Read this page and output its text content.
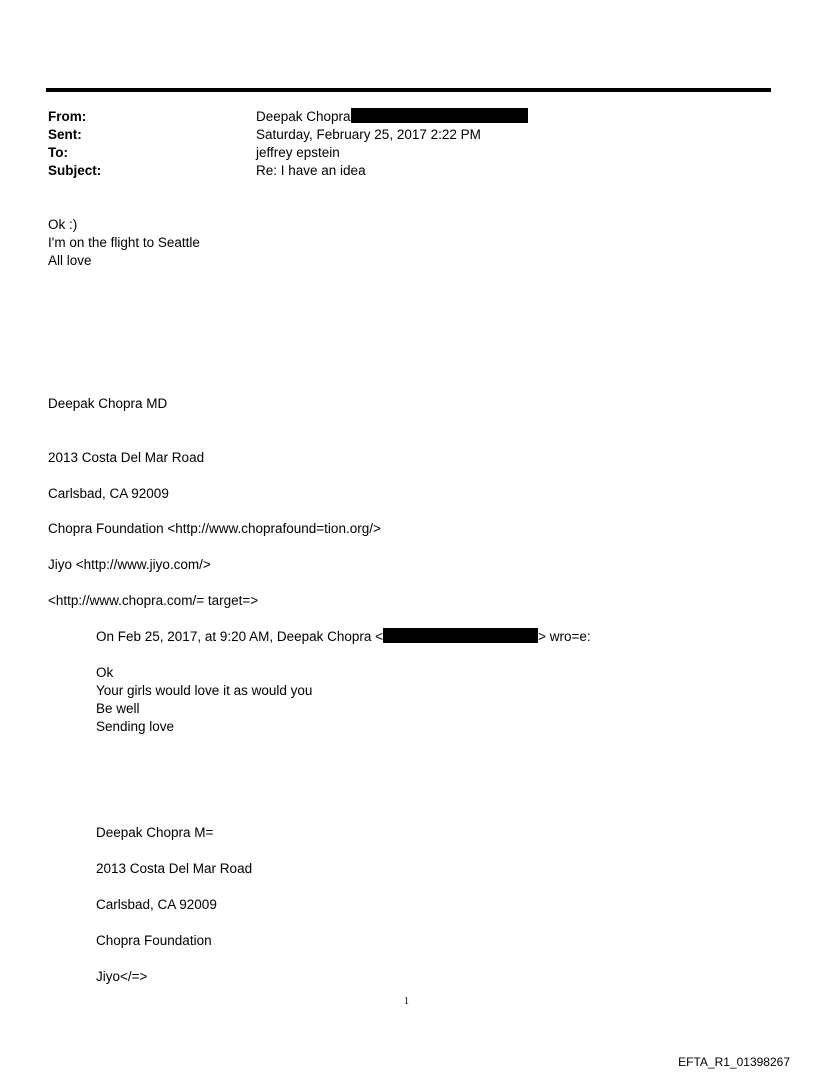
From:	Deepak Chopra
Sent:	Saturday, February 25, 2017 2:22 PM
To:	jeffrey epstein
Subject:	Re: I have an idea
Ok :)
I'm on the flight to Seattle
All love
Deepak Chopra MD
2013 Costa Del Mar Road
Carlsbad, CA 92009
Chopra Foundation <http://www.choprafound=tion.org/>
Jiyo <http://www.jiyo.com/>
<http://www.chopra.com/= target=>
On Feb 25, 2017, at 9:20 AM, Deepak Chopra <	> wro=e:
Ok
Your girls would love it as would you
Be well
Sending love
Deepak Chopra M=
2013 Costa Del Mar Road
Carlsbad, CA 92009
Chopra Foundation
Jiyo</=>
1
EFTA_R1_01398267
